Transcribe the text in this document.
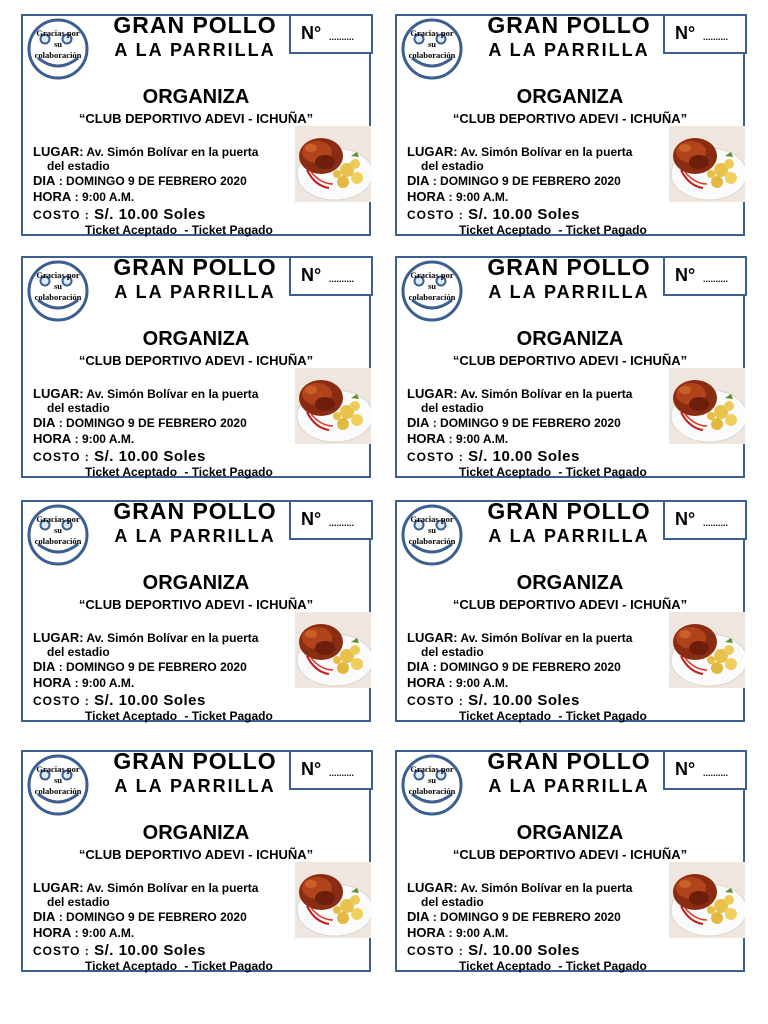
Gracias por
su
colaboración
GRAN POLLO
A LA PARRILLA
N° ..........
ORGANIZA
“CLUB DEPORTIVO ADEVI - ICHUÑA”
LUGAR: Av. Simón Bolívar en la puerta
del estadio
DIA : DOMINGO 9 DE FEBRERO 2020
HORA : 9:00 A.M.
COSTO : S/. 10.00 Soles
Ticket Aceptado - Ticket Pagado
Gracias por
su
colaboración
GRAN POLLO
A LA PARRILLA
N° ..........
ORGANIZA
“CLUB DEPORTIVO ADEVI - ICHUÑA”
LUGAR: Av. Simón Bolívar en la puerta
del estadio
DIA : DOMINGO 9 DE FEBRERO 2020
HORA : 9:00 A.M.
COSTO : S/. 10.00 Soles
Ticket Aceptado - Ticket Pagado
Gracias por
su
colaboración
GRAN POLLO
A LA PARRILLA
N° ..........
ORGANIZA
“CLUB DEPORTIVO ADEVI - ICHUÑA”
LUGAR: Av. Simón Bolívar en la puerta
del estadio
DIA : DOMINGO 9 DE FEBRERO 2020
HORA : 9:00 A.M.
COSTO : S/. 10.00 Soles
Ticket Aceptado - Ticket Pagado
Gracias por
su
colaboración
GRAN POLLO
A LA PARRILLA
N° ..........
ORGANIZA
“CLUB DEPORTIVO ADEVI - ICHUÑA”
LUGAR: Av. Simón Bolívar en la puerta
del estadio
DIA : DOMINGO 9 DE FEBRERO 2020
HORA : 9:00 A.M.
COSTO : S/. 10.00 Soles
Ticket Aceptado - Ticket Pagado
Gracias por
su
colaboración
GRAN POLLO
A LA PARRILLA
N° ..........
ORGANIZA
“CLUB DEPORTIVO ADEVI - ICHUÑA”
LUGAR: Av. Simón Bolívar en la puerta
del estadio
DIA : DOMINGO 9 DE FEBRERO 2020
HORA : 9:00 A.M.
COSTO : S/. 10.00 Soles
Ticket Aceptado - Ticket Pagado
Gracias por
su
colaboración
GRAN POLLO
A LA PARRILLA
N° ..........
ORGANIZA
“CLUB DEPORTIVO ADEVI - ICHUÑA”
LUGAR: Av. Simón Bolívar en la puerta
del estadio
DIA : DOMINGO 9 DE FEBRERO 2020
HORA : 9:00 A.M.
COSTO : S/. 10.00 Soles
Ticket Aceptado - Ticket Pagado
Gracias por
su
colaboración
GRAN POLLO
A LA PARRILLA
N° ..........
ORGANIZA
“CLUB DEPORTIVO ADEVI - ICHUÑA”
LUGAR: Av. Simón Bolívar en la puerta
del estadio
DIA : DOMINGO 9 DE FEBRERO 2020
HORA : 9:00 A.M.
COSTO : S/. 10.00 Soles
Ticket Aceptado - Ticket Pagado
Gracias por
su
colaboración
GRAN POLLO
A LA PARRILLA
N° ..........
ORGANIZA
“CLUB DEPORTIVO ADEVI - ICHUÑA”
LUGAR: Av. Simón Bolívar en la puerta
del estadio
DIA : DOMINGO 9 DE FEBRERO 2020
HORA : 9:00 A.M.
COSTO : S/. 10.00 Soles
Ticket Aceptado - Ticket Pagado
